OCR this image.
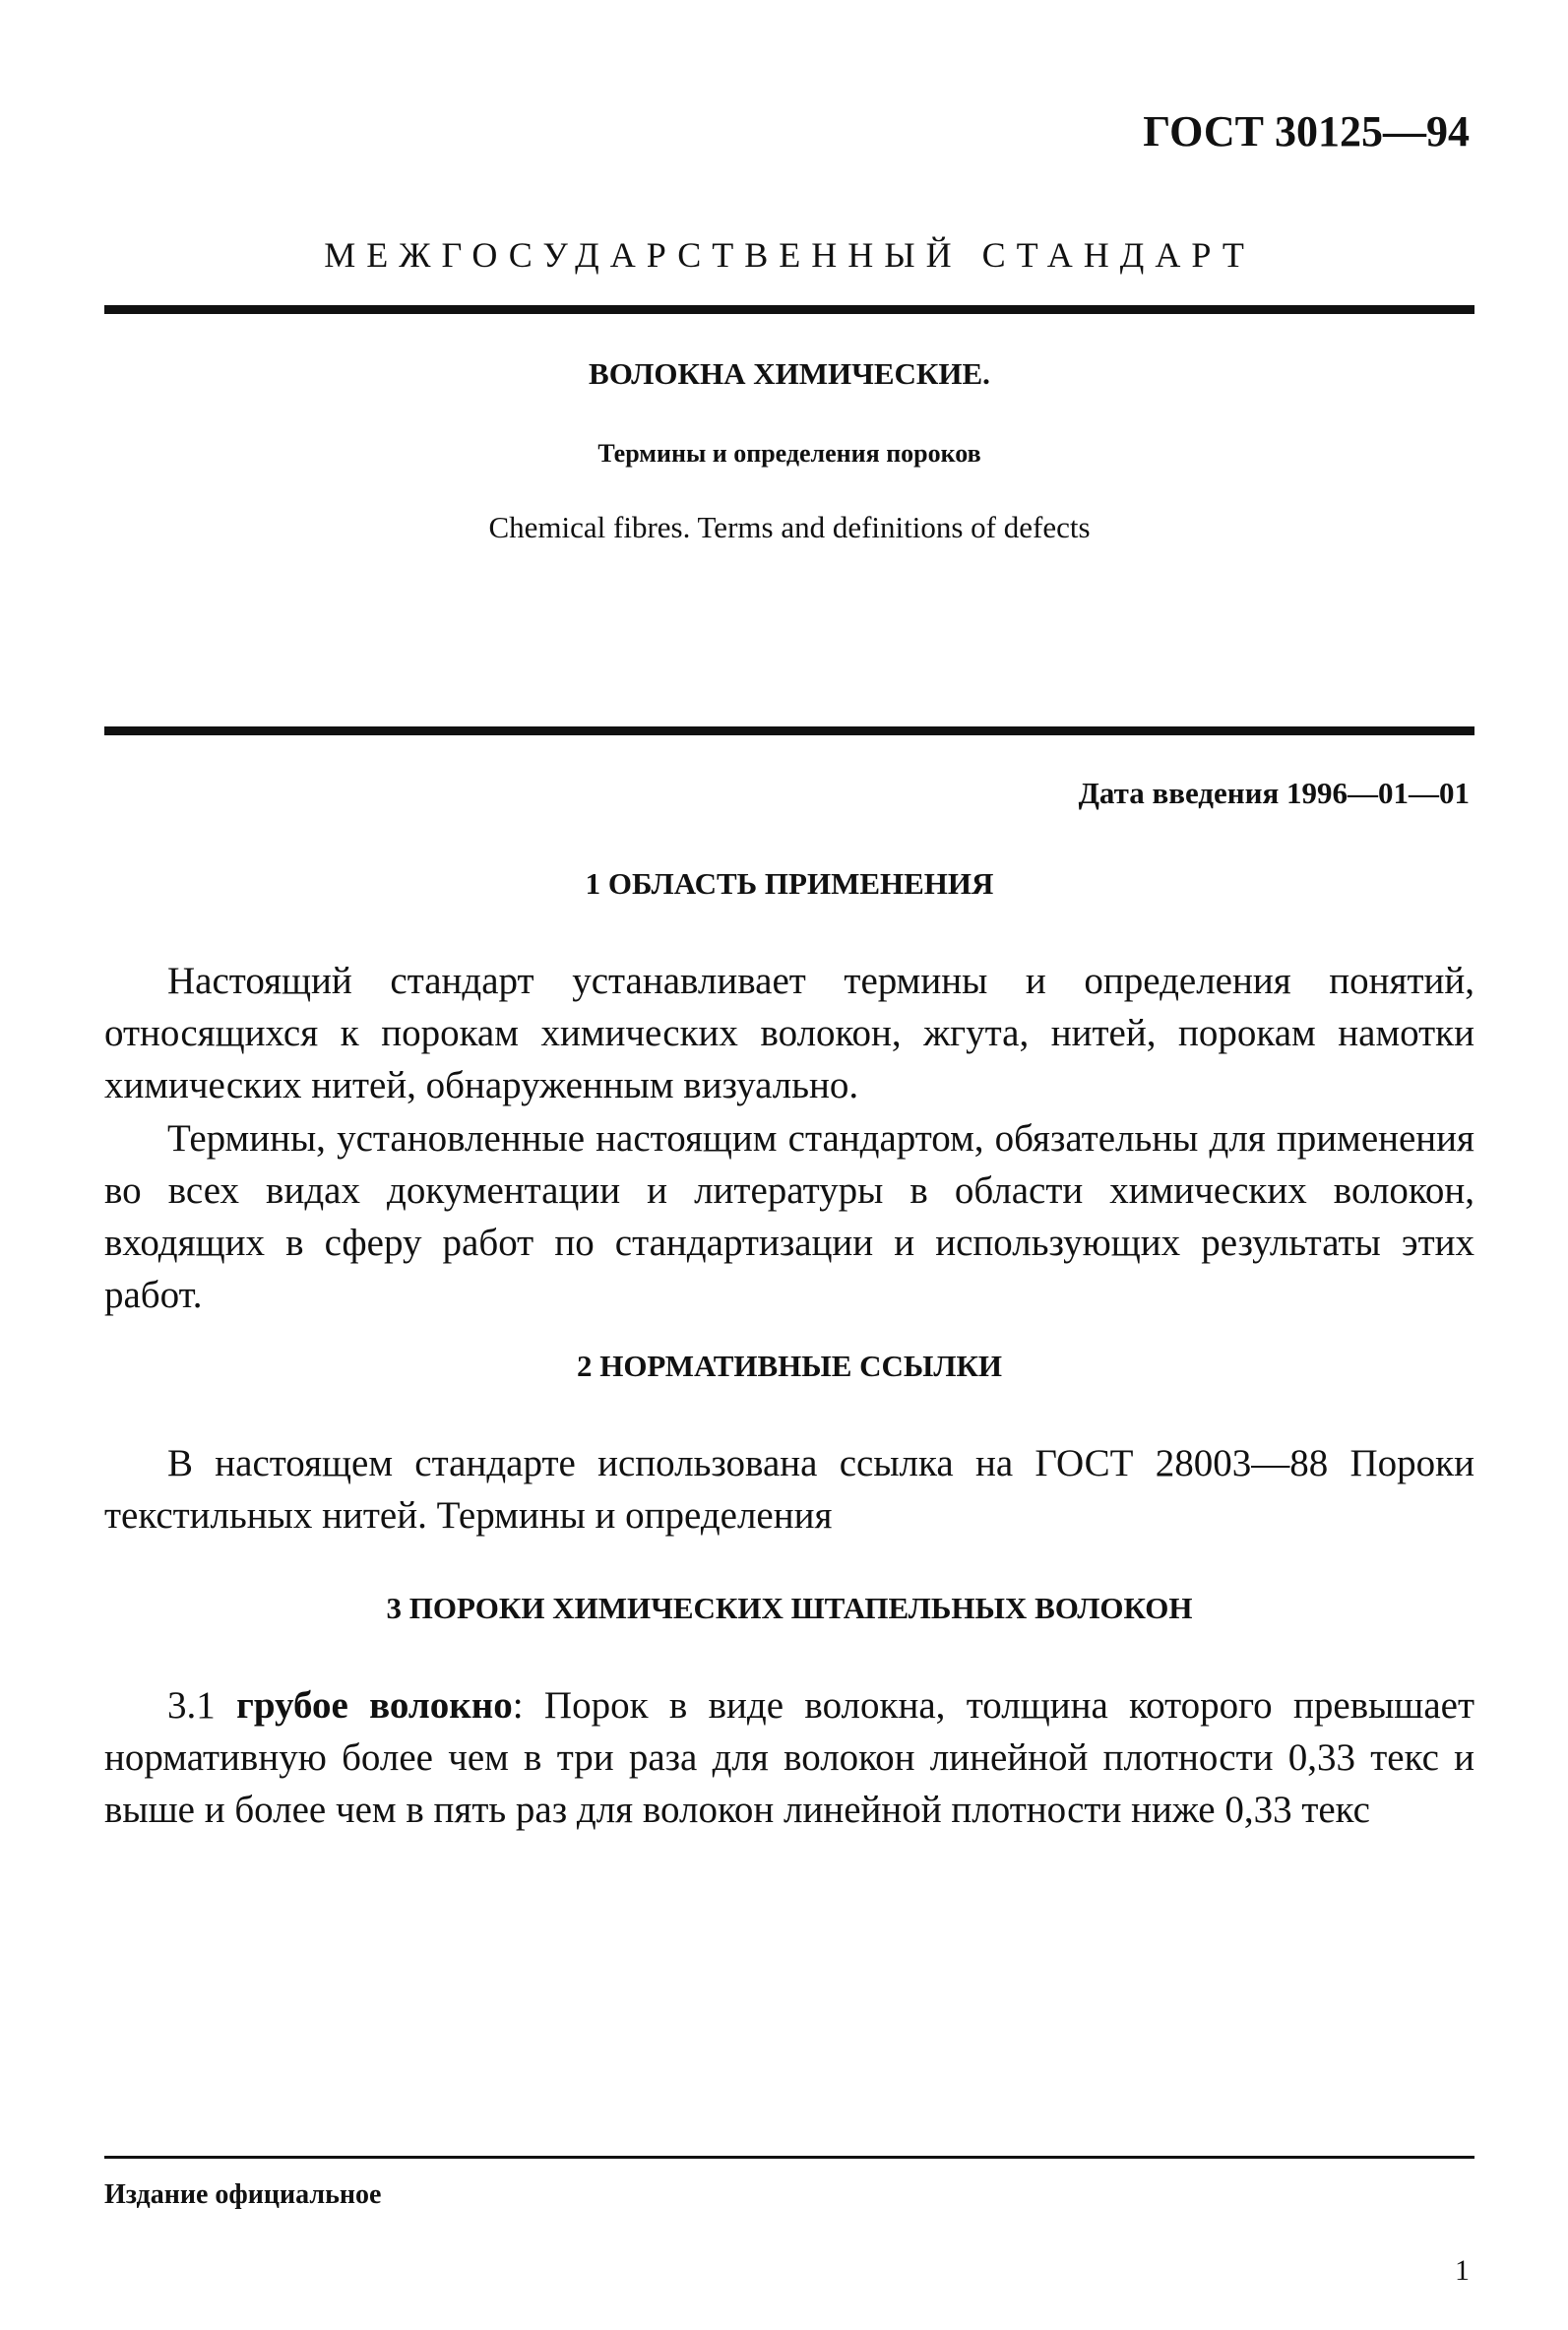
ГОСТ 30125—94
МЕЖГОСУДАРСТВЕННЫЙ СТАНДАРТ
ВОЛОКНА ХИМИЧЕСКИЕ.
Термины и определения пороков
Chemical fibres. Terms and definitions of defects
Дата введения 1996—01—01
1 ОБЛАСТЬ ПРИМЕНЕНИЯ

Настоящий стандарт устанавливает термины и определения понятий, относящихся к порокам химических волокон, жгута, нитей, порокам намотки химических нитей, обнаруженным визуально.

Термины, установленные настоящим стандартом, обязательны для применения во всех видах документации и литературы в области химических волокон, входящих в сферу работ по стандартизации и использующих результаты этих работ.

2 НОРМАТИВНЫЕ ССЫЛКИ

В настоящем стандарте использована ссылка на ГОСТ 28003—88 Пороки текстильных нитей. Термины и определения

3 ПОРОКИ ХИМИЧЕСКИХ ШТАПЕЛЬНЫХ ВОЛОКОН

3.1 грубое волокно: Порок в виде волокна, толщина которого превышает нормативную более чем в три раза для волокон линейной плотности 0,33 текс и выше и более чем в пять раз для волокон линейной плотности ниже 0,33 текс

Издание официальное
1
